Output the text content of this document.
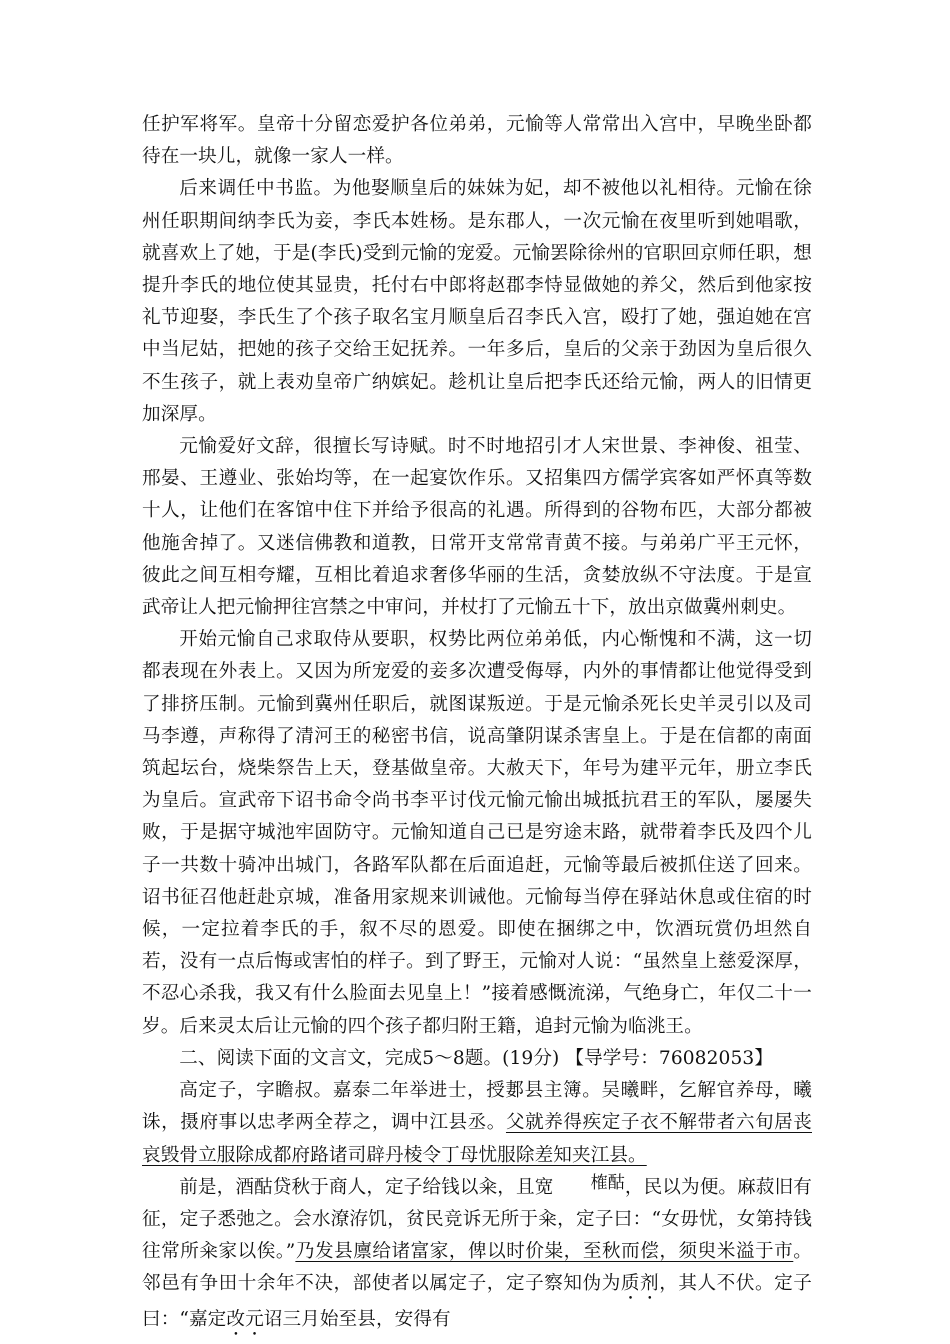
任护军将军。皇帝十分留恋爱护各位弟弟，元愉等人常常出入宫中，早晚坐卧都待在一块儿，就像一家人一样。

后来调任中书监。为他娶顺皇后的妹妹为妃，却不被他以礼相待。元愉在徐州任职期间纳李氏为妾，李氏本姓杨。是东郡人，一次元愉在夜里听到她唱歌，就喜欢上了她，于是(李氏)受到元愉的宠爱。元愉罢除徐州的官职回京师任职，想提升李氏的地位使其显贵，托付右中郎将赵郡李恃显做她的养父，然后到他家按礼节迎娶，李氏生了个孩子取名宝月顺皇后召李氏入宫，殴打了她，强迫她在宫中当尼姑，把她的孩子交给王妃抚养。一年多后，皇后的父亲于劲因为皇后很久不生孩子，就上表劝皇帝广纳嫔妃。趁机让皇后把李氏还给元愉，两人的旧情更加深厚。

元愉爱好文辞，很擅长写诗赋。时不时地招引才人宋世景、李神俊、祖莹、邢晏、王遵业、张始均等，在一起宴饮作乐。又招集四方儒学宾客如严怀真等数十人，让他们在客馆中住下并给予很高的礼遇。所得到的谷物布匹，大部分都被他施舍掉了。又迷信佛教和道教，日常开支常常青黄不接。与弟弟广平王元怀，彼此之间互相夸耀，互相比着追求奢侈华丽的生活，贪婪放纵不守法度。于是宣武帝让人把元愉押往宫禁之中审问，并杖打了元愉五十下，放出京做冀州刺史。

开始元愉自己求取侍从要职，权势比两位弟弟低，内心惭愧和不满，这一切都表现在外表上。又因为所宠爱的妾多次遭受侮辱，内外的事情都让他觉得受到了排挤压制。元愉到冀州任职后，就图谋叛逆。于是元愉杀死长史羊灵引以及司马李遵，声称得了清河王的秘密书信，说高肇阴谋杀害皇上。于是在信都的南面筑起坛台，烧柴祭告上天，登基做皇帝。大赦天下，年号为建平元年，册立李氏为皇后。宣武帝下诏书命令尚书李平讨伐元愉元愉出城抵抗君王的军队，屡屡失败，于是据守城池牢固防守。元愉知道自己已是穷途末路，就带着李氏及四个儿子一共数十骑冲出城门，各路军队都在后面追赶，元愉等最后被抓住送了回来。诏书征召他赶赴京城，准备用家规来训诫他。元愉每当停在驿站休息或住宿的时候，一定拉着李氏的手，叙不尽的恩爱。即使在捆绑之中，饮酒玩赏仍坦然自若，没有一点后悔或害怕的样子。到了野王，元愉对人说：“虽然皇上慈爱深厚，不忍心杀我，我又有什么脸面去见皇上！”接着感慨流涕，气绝身亡，年仅二十一岁。后来灵太后让元愉的四个孩子都归附王籍，追封元愉为临洮王。

二、阅读下面的文言文，完成5～8题。(19分) 【导学号：76082053】

高定子，字瞻叔。嘉泰二年举进士，授郪县主簿。吴曦畔，乞解官养母，曦诛，摄府事以忠孝两全荐之，调中江县丞。父就养得疾定子衣不解带者六旬居丧哀毁骨立服除成都府路诸司辟丹棱令丁母忧服除差知夹江县。

前是，酒酤贷秋于商人，定子给钱以籴，且宽 榷酤，民以为便。麻菽旧有征，定子悉弛之。会水潦洊饥，贫民竞诉无所于籴，定子曰：“女毋忧，女第持钱往常所籴家以俟。”乃发县廪给诸富家，俾以时价粜，至秋而偿，须臾米溢于市。邻邑有争田十余年不决，部使者以属定子，定子察知伪为质剂，其人不伏。定子曰：“嘉定改元诏三月始至县，安得有
